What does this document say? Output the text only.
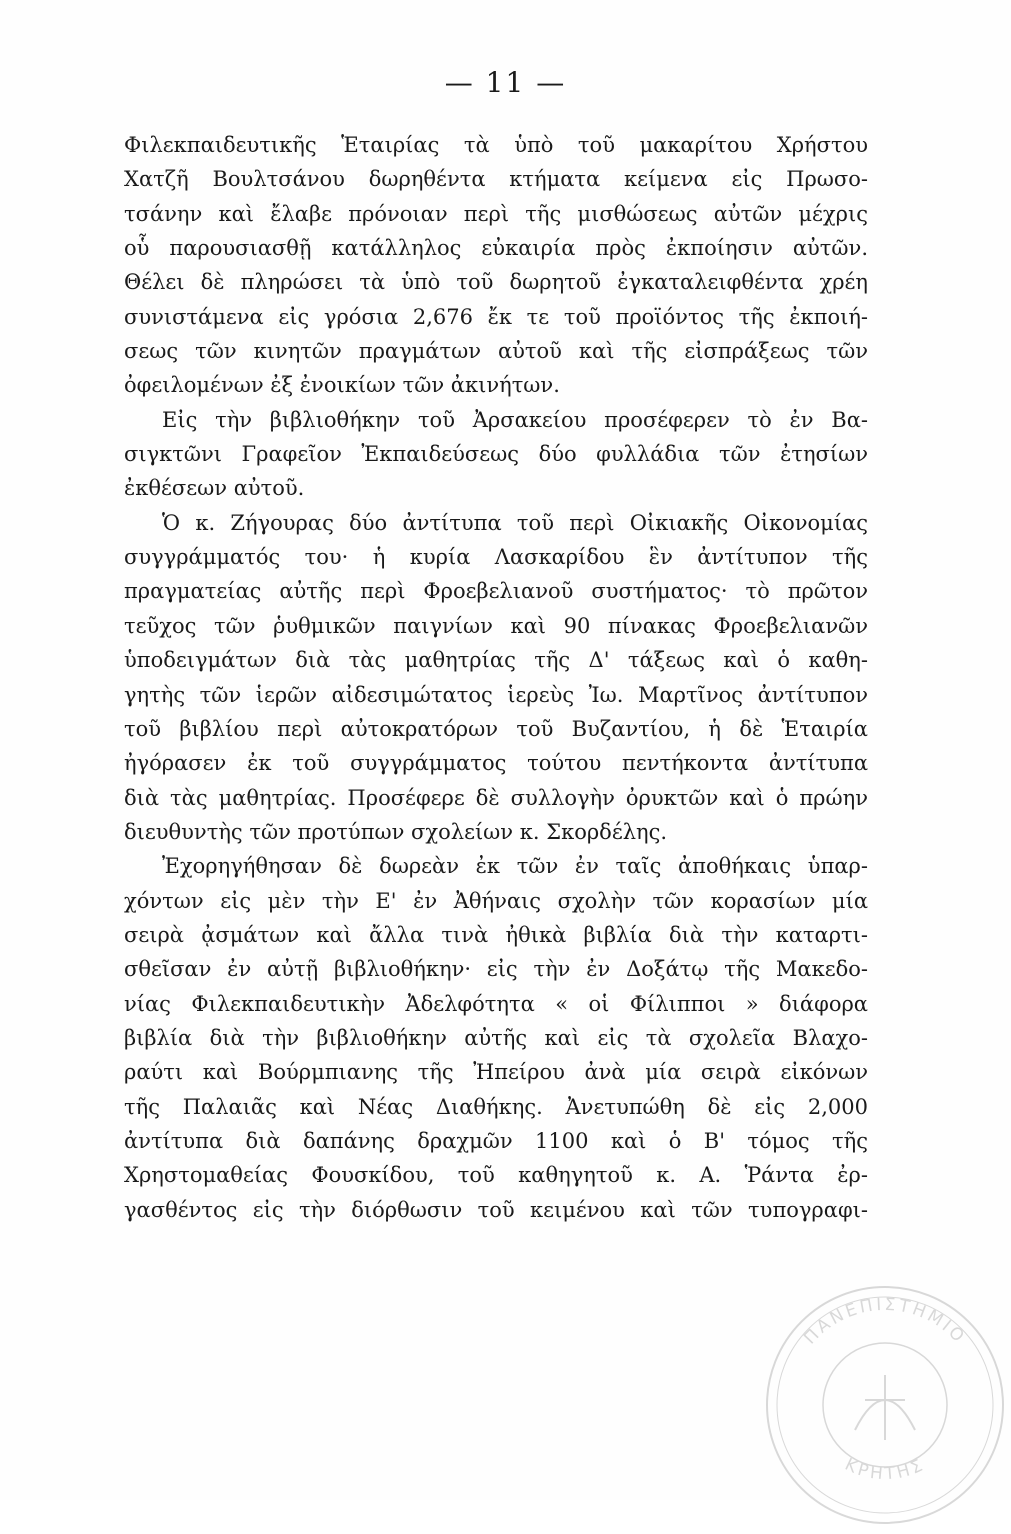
— 11 —
Φιλεκπαιδευτικῆς Ἑταιρίας τὰ ὑπὸ τοῦ μακαρίτου Χρήστου
Χατζῆ Βουλτσάνου δωρηθέντα κτήματα κείμενα εἰς Πρωσο-
τσάνην καὶ ἔλαβε πρόνοιαν περὶ τῆς μισθώσεως αὐτῶν μέχρις
οὗ παρουσιασθῇ κατάλληλος εὐκαιρία πρὸς ἐκποίησιν αὐτῶν.
Θέλει δὲ πληρώσει τὰ ὑπὸ τοῦ δωρητοῦ ἐγκαταλειφθέντα χρέη
συνιστάμενα εἰς γρόσια 2,676 ἔκ τε τοῦ προϊόντος τῆς ἐκποιή-
σεως τῶν κινητῶν πραγμάτων αὐτοῦ καὶ τῆς εἰσπράξεως τῶν
ὀφειλομένων ἐξ ἐνοικίων τῶν ἀκινήτων.
Εἰς τὴν βιβλιοθήκην τοῦ Ἀρσακείου προσέφερεν τὸ ἐν Βα-
σιγκτῶνι Γραφεῖον Ἐκπαιδεύσεως δύο φυλλάδια τῶν ἐτησίων
ἐκθέσεων αὐτοῦ.
Ὁ κ. Ζήγουρας δύο ἀντίτυπα τοῦ περὶ Οἰκιακῆς Οἰκονομίας
συγγράμματός του· ἡ κυρία Λασκαρίδου ἓν ἀντίτυπον τῆς
πραγματείας αὐτῆς περὶ Φροεβελιανοῦ συστήματος· τὸ πρῶτον
τεῦχος τῶν ῥυθμικῶν παιγνίων καὶ 90 πίνακας Φροεβελιανῶν
ὑποδειγμάτων διὰ τὰς μαθητρίας τῆς Δ' τάξεως καὶ ὁ καθη-
γητὴς τῶν ἱερῶν αἰδεσιμώτατος ἱερεὺς Ἰω. Μαρτῖνος ἀντίτυπον
τοῦ βιβλίου περὶ αὐτοκρατόρων τοῦ Βυζαντίου, ἡ δὲ Ἑταιρία
ἠγόρασεν ἐκ τοῦ συγγράμματος τούτου πεντήκοντα ἀντίτυπα
διὰ τὰς μαθητρίας. Προσέφερε δὲ συλλογὴν ὀρυκτῶν καὶ ὁ πρώην
διευθυντὴς τῶν προτύπων σχολείων κ. Σκορδέλης.
Ἐχορηγήθησαν δὲ δωρεὰν ἐκ τῶν ἐν ταῖς ἀποθήκαις ὑπαρ-
χόντων εἰς μὲν τὴν Ε' ἐν Ἀθήναις σχολὴν τῶν κορασίων μία
σειρὰ ᾀσμάτων καὶ ἄλλα τινὰ ἠθικὰ βιβλία διὰ τὴν καταρτι-
σθεῖσαν ἐν αὐτῇ βιβλιοθήκην· εἰς τὴν ἐν Δοξάτῳ τῆς Μακεδο-
νίας Φιλεκπαιδευτικὴν Ἀδελφότητα « οἱ Φίλιπποι » διάφορα
βιβλία διὰ τὴν βιβλιοθήκην αὐτῆς καὶ εἰς τὰ σχολεῖα Βλαχο-
ραύτι καὶ Βούρμπιανης τῆς Ἠπείρου ἀνὰ μία σειρὰ εἰκόνων
τῆς Παλαιᾶς καὶ Νέας Διαθήκης. Ἀνετυπώθη δὲ εἰς 2,000
ἀντίτυπα διὰ δαπάνης δραχμῶν 1100 καὶ ὁ Β' τόμος τῆς
Χρηστομαθείας Φουσκίδου, τοῦ καθηγητοῦ κ. Α. Ῥάντα ἐρ-
γασθέντος εἰς τὴν διόρθωσιν τοῦ κειμένου καὶ τῶν τυπογραφι-
ΠΑΝΕΠΙΣΤΗΜΙΟ
ΚΡΗΤΗΣ
